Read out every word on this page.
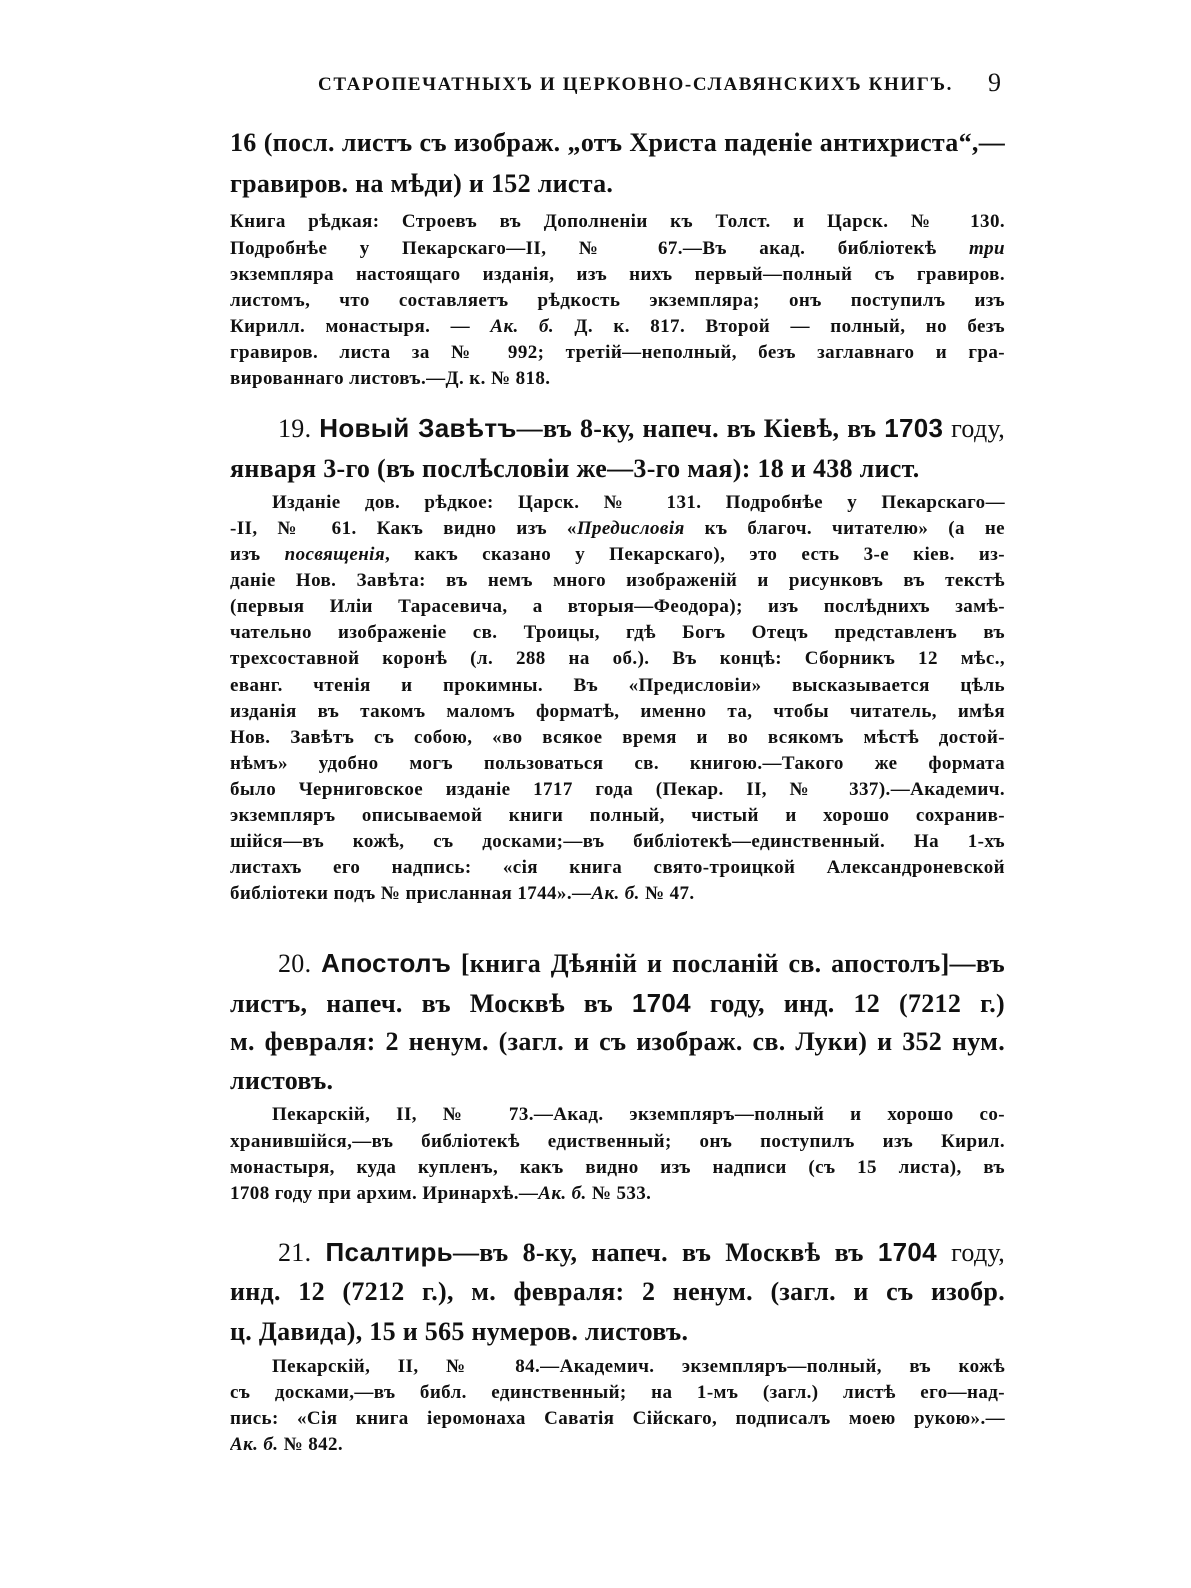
СТАРОПЕЧАТНЫХЪ И ЦЕРКОВНО-СЛАВЯНСКИХЪ КНИГЪ. 9
16 (посл. листъ съ изображ. „отъ Христа паденіе антихриста“,—
гравиров. на мѣди) и 152 листа.
Книга рѣдкая: Строевъ въ Дополненіи къ Толст. и Царск. № 130.
Подробнѣе у Пекарскаго—II, № 67.—Въ акад. библіотекѣ три
экземпляра настоящаго изданія, изъ нихъ первый—полный съ гравиров.
листомъ, что составляетъ рѣдкость экземпляра; онъ поступилъ изъ
Кирилл. монастыря. — Ак. б. Д. к. 817. Второй — полный, но безъ
гравиров. листа за № 992; третій—неполный, безъ заглавнаго и гра-
вированнаго листовъ.—Д. к. № 818.
19. Новый Завѣтъ—въ 8-ку, напеч. въ Кіевѣ, въ 1703 году,
января 3-го (въ послѣсловіи же—3-го мая): 18 и 438 лист.
Изданіе дов. рѣдкое: Царск. № 131. Подробнѣе у Пекарскаго—
-II, № 61. Какъ видно изъ «Предисловія къ благоч. читателю» (а не
изъ посвященія, какъ сказано у Пекарскаго), это есть 3-е кіев. из-
даніе Нов. Завѣта: въ немъ много изображеній и рисунковъ въ текстѣ
(первыя Иліи Тарасевича, а вторыя—Феодора); изъ послѣднихъ замѣ-
чательно изображеніе св. Троицы, гдѣ Богъ Отецъ представленъ въ
трехсоставной коронѣ (л. 288 на об.). Въ концѣ: Сборникъ 12 мѣс.,
еванг. чтенія и прокимны. Въ «Предисловіи» высказывается цѣль
изданія въ такомъ маломъ форматѣ, именно та, чтобы читатель, имѣя
Нов. Завѣтъ съ собою, «во всякое время и во всякомъ мѣстѣ достой-
нѣмъ» удобно могъ пользоваться св. книгою.—Такого же формата
было Черниговское изданіе 1717 года (Пекар. II, № 337).—Академич.
экземпляръ описываемой книги полный, чистый и хорошо сохранив-
шійся—въ кожѣ, съ досками;—въ библіотекѣ—единственный. На 1-хъ
листахъ его надпись: «сія книга свято-троицкой Александроневской
библіотеки подъ № присланная 1744».—Ак. б. № 47.
20. Апостолъ [книга Дѣяній и посланій св. апостолъ]—въ
листъ, напеч. въ Москвѣ въ 1704 году, инд. 12 (7212 г.)
м. февраля: 2 ненум. (загл. и съ изображ. св. Луки) и 352 нум.
листовъ.
Пекарскій, II, № 73.—Акад. экземпляръ—полный и хорошо со-
хранившійся,—въ библіотекѣ едиственный; онъ поступилъ изъ Кирил.
монастыря, куда купленъ, какъ видно изъ надписи (съ 15 листа), въ
1708 году при архим. Иринархѣ.—Ак. б. № 533.
21. Псалтирь—въ 8-ку, напеч. въ Москвѣ въ 1704 году,
инд. 12 (7212 г.), м. февраля: 2 ненум. (загл. и съ изобр.
ц. Давида), 15 и 565 нумеров. листовъ.
Пекарскій, II, № 84.—Академич. экземпляръ—полный, въ кожѣ
съ досками,—въ библ. единственный; на 1-мъ (загл.) листѣ его—над-
пись: «Сія книга іеромонаха Саватія Сійскаго, подписалъ моею рукою».—
Ак. б. № 842.
